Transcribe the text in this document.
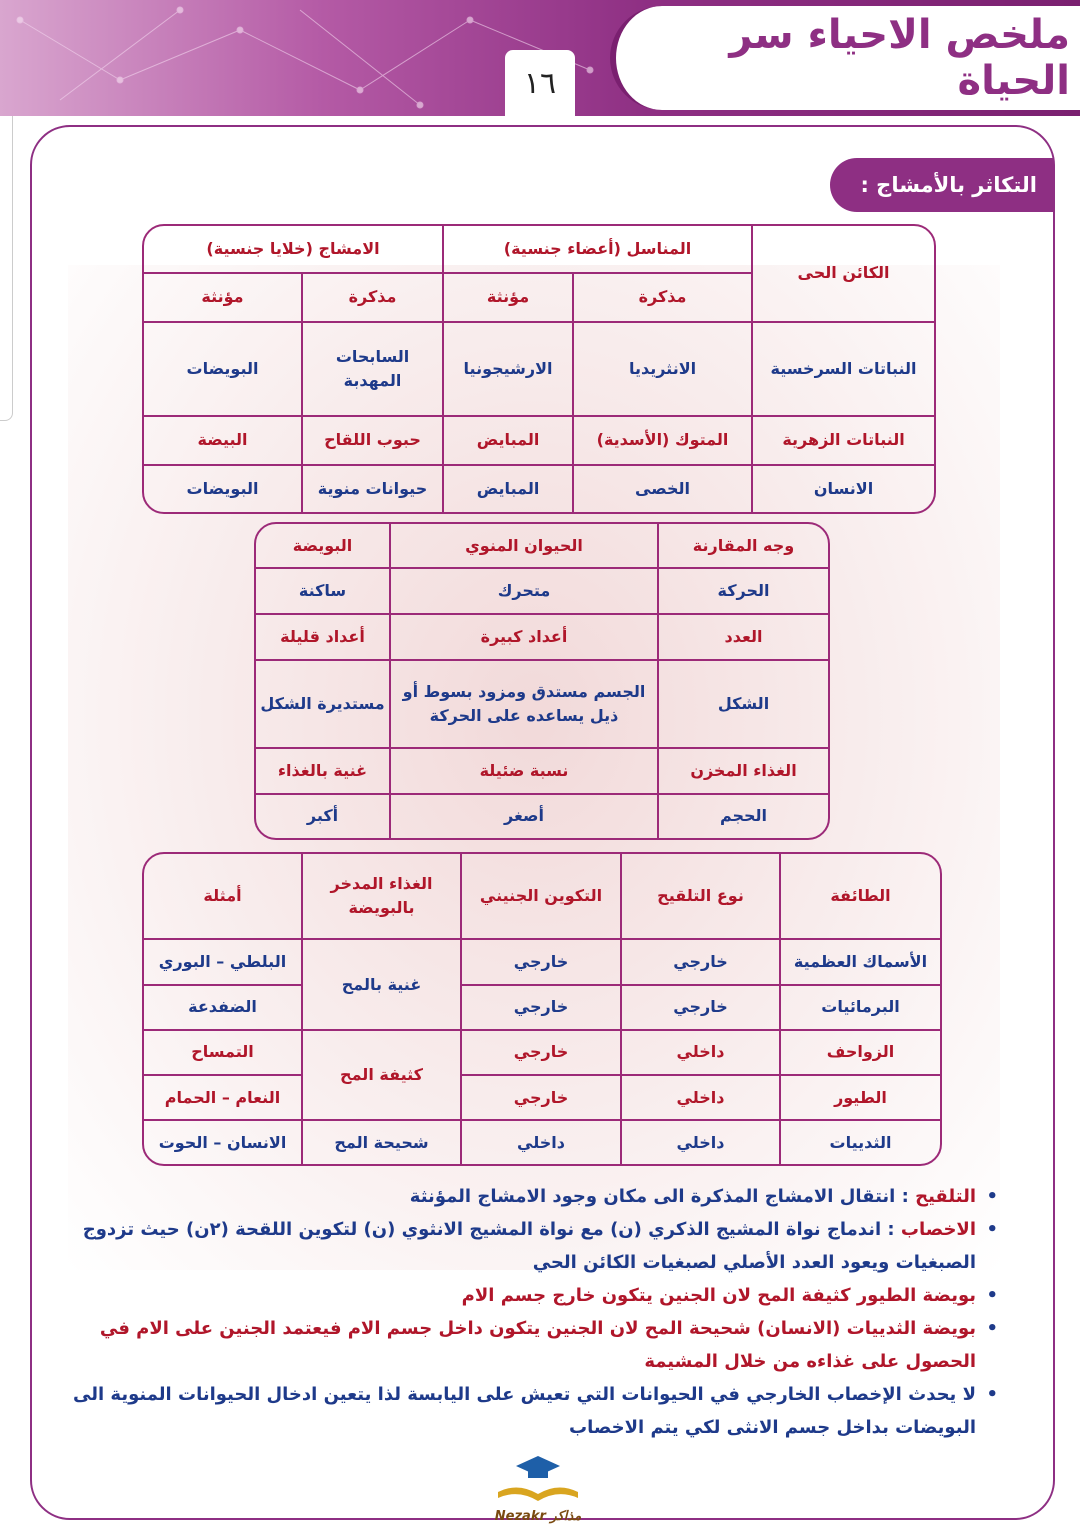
ملخص الاحياء سر الحياة
١٦
التكاثر بالأمشاج :
الكائن الحى	المناسل (أعضاء جنسية)		الامشاج (خلايا جنسية)	
	مذكرة	مؤنثة	مذكرة	مؤنثة
النباتات السرخسية	الانثريديا	الارشيجونيا	السابحات المهدبة	البويضات
النباتات الزهرية	المتوك (الأسدية)	المبايض	حبوب اللقاح	البيضة
الانسان	الخصى	المبايض	حيوانات منوية	البويضات
وجه المقارنة	الحيوان المنوي	البويضة
الحركة	متحرك	ساكنة
العدد	أعداد كبيرة	أعداد قليلة
الشكل	الجسم مستدق ومزود بسوط أو ذيل يساعده على الحركة	مستديرة الشكل
الغذاء المخزن	نسبة ضئيلة	غنية بالغذاء
الحجم	أصغر	أكبر
الطائفة	نوع التلقيح	التكوين الجنيني	الغذاء المدخر بالبويضة	أمثلة
الأسماك العظمية	خارجي	خارجي	غنية بالمح	البلطي – البوري
البرمائيات	خارجي	خارجي		الضفدعة
الزواحف	داخلي	خارجي	كثيفة المح	التمساح
الطيور	داخلي	خارجي		النعام – الحمام
الثدييات	داخلي	داخلي	شحيحة المح	الانسان – الحوت
• التلقيح : انتقال الامشاج المذكرة الى مكان وجود الامشاج المؤنثة
• الاخصاب : اندماج نواة المشيج الذكري (ن) مع نواة المشيج الانثوي (ن) لتكوين اللقحة (٢ن) حيث تزدوج الصبغيات ويعود العدد الأصلي لصبغيات الكائن الحي
• بويضة الطيور كثيفة المح لان الجنين يتكون خارج جسم الام
• بويضة الثدييات (الانسان) شحيحة المح لان الجنين يتكون داخل جسم الام فيعتمد الجنين على الام في الحصول على غذاءه من خلال المشيمة
• لا يحدث الإخصاب الخارجي في الحيوانات التي تعيش على اليابسة لذا يتعين ادخال الحيوانات المنوية الى البويضات بداخل جسم الانثى لكي يتم الاخصاب
Nezakr مذاكر
